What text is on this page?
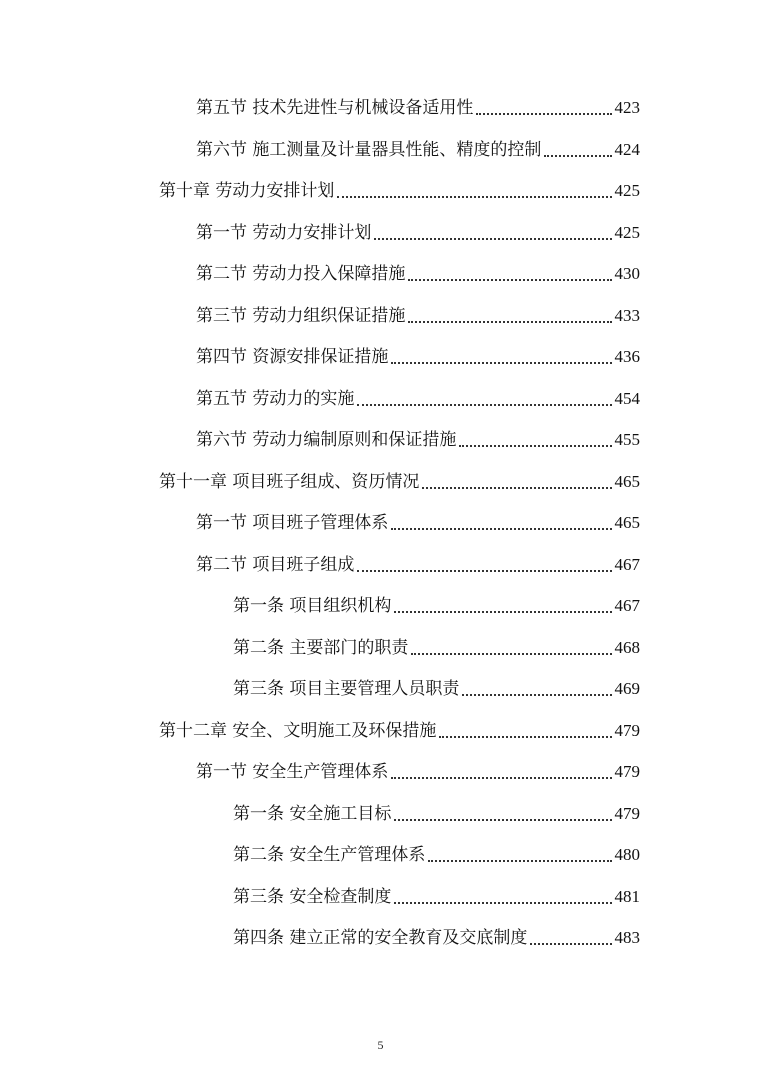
第五节 技术先进性与机械设备适用性	423
第六节 施工测量及计量器具性能、精度的控制	424
第十章 劳动力安排计划	425
第一节 劳动力安排计划	425
第二节 劳动力投入保障措施	430
第三节 劳动力组织保证措施	433
第四节 资源安排保证措施	436
第五节 劳动力的实施	454
第六节 劳动力编制原则和保证措施	455
第十一章 项目班子组成、资历情况	465
第一节 项目班子管理体系	465
第二节 项目班子组成	467
第一条 项目组织机构	467
第二条 主要部门的职责	468
第三条 项目主要管理人员职责	469
第十二章 安全、文明施工及环保措施	479
第一节 安全生产管理体系	479
第一条 安全施工目标	479
第二条 安全生产管理体系	480
第三条 安全检查制度	481
第四条 建立正常的安全教育及交底制度	483
5
